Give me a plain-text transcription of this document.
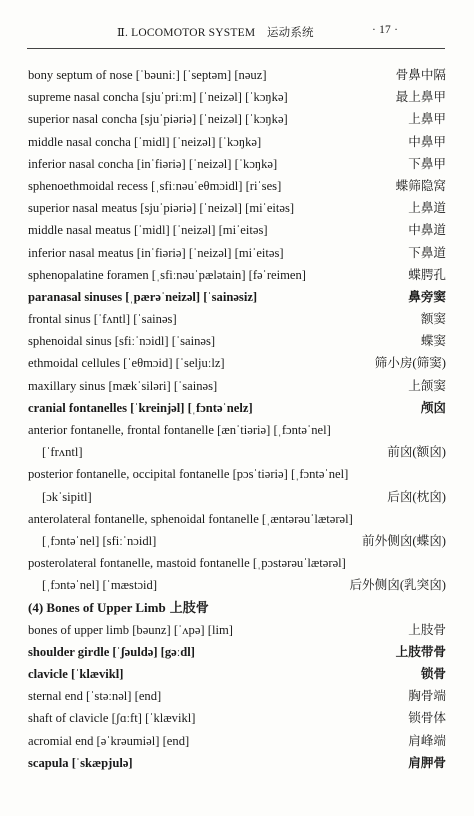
Ⅱ. LOCOMOTOR SYSTEM　运动系统	· 17 ·
bony septum of nose [ˈbəuniː] [ˈseptəm] [nəuz]	骨鼻中隔
supreme nasal concha [sjuˈpriːm] [ˈneizəl] [ˈkɔŋkə]	最上鼻甲
superior nasal concha [sjuˈpiəriə] [ˈneizəl] [ˈkɔŋkə]	上鼻甲
middle nasal concha [ˈmidl] [ˈneizəl] [ˈkɔŋkə]	中鼻甲
inferior nasal concha [inˈfiəriə] [ˈneizəl] [ˈkɔŋkə]	下鼻甲
sphenoethmoidal recess [ˌsfiːnəuˈeθmɔidl] [riˈses]	蝶筛隐窝
superior nasal meatus [sjuˈpiəriə] [ˈneizəl] [miˈeitəs]	上鼻道
middle nasal meatus [ˈmidl] [ˈneizəl] [miˈeitəs]	中鼻道
inferior nasal meatus [inˈfiəriə] [ˈneizəl] [miˈeitəs]	下鼻道
sphenopalatine foramen [ˌsfiːnəuˈpælətain] [fəˈreimen]	蝶腭孔
paranasal sinuses [ˌpærəˈneizəl] [ˈsainəsiz]	鼻旁窦
frontal sinus [ˈfʌntl] [ˈsainəs]	额窦
sphenoidal sinus [sfiːˈnɔidl] [ˈsainəs]	蝶窦
ethmoidal cellules [ˈeθmɔid] [ˈseljuːlz]	筛小房(筛窦)
maxillary sinus [mækˈsiləri] [ˈsainəs]	上颌窦
cranial fontanelles [ˈkreinjəl] [ˌfɔntəˈnelz]	颅囟
anterior fontanelle, frontal fontanelle [ænˈtiəriə] [ˌfɔntəˈnel]
[ˈfrʌntl]	前囟(额囟)
posterior fontanelle, occipital fontanelle [pɔsˈtiəriə] [ˌfɔntəˈnel]
[ɔkˈsipitl]	后囟(枕囟)
anterolateral fontanelle, sphenoidal fontanelle [ˌæntərəuˈlætərəl]
[ˌfɔntəˈnel] [sfiːˈnɔidl]	前外侧囟(蝶囟)
posterolateral fontanelle, mastoid fontanelle [ˌpɔstərəuˈlætərəl]
[ˌfɔntəˈnel] [ˈmæstɔid]	后外侧囟(乳突囟)
(4) Bones of Upper Limb 上肢骨
bones of upper limb [bəunz] [ˈʌpə] [lim]	上肢骨
shoulder girdle [ˈʃəuldə] [gəːdl]	上肢带骨
clavicle [ˈklævikl]	锁骨
sternal end [ˈstəːnəl] [end]	胸骨端
shaft of clavicle [ʃɑːft] [ˈklævikl]	锁骨体
acromial end [əˈkrəumiəl] [end]	肩峰端
scapula [ˈskæpjulə]	肩胛骨
